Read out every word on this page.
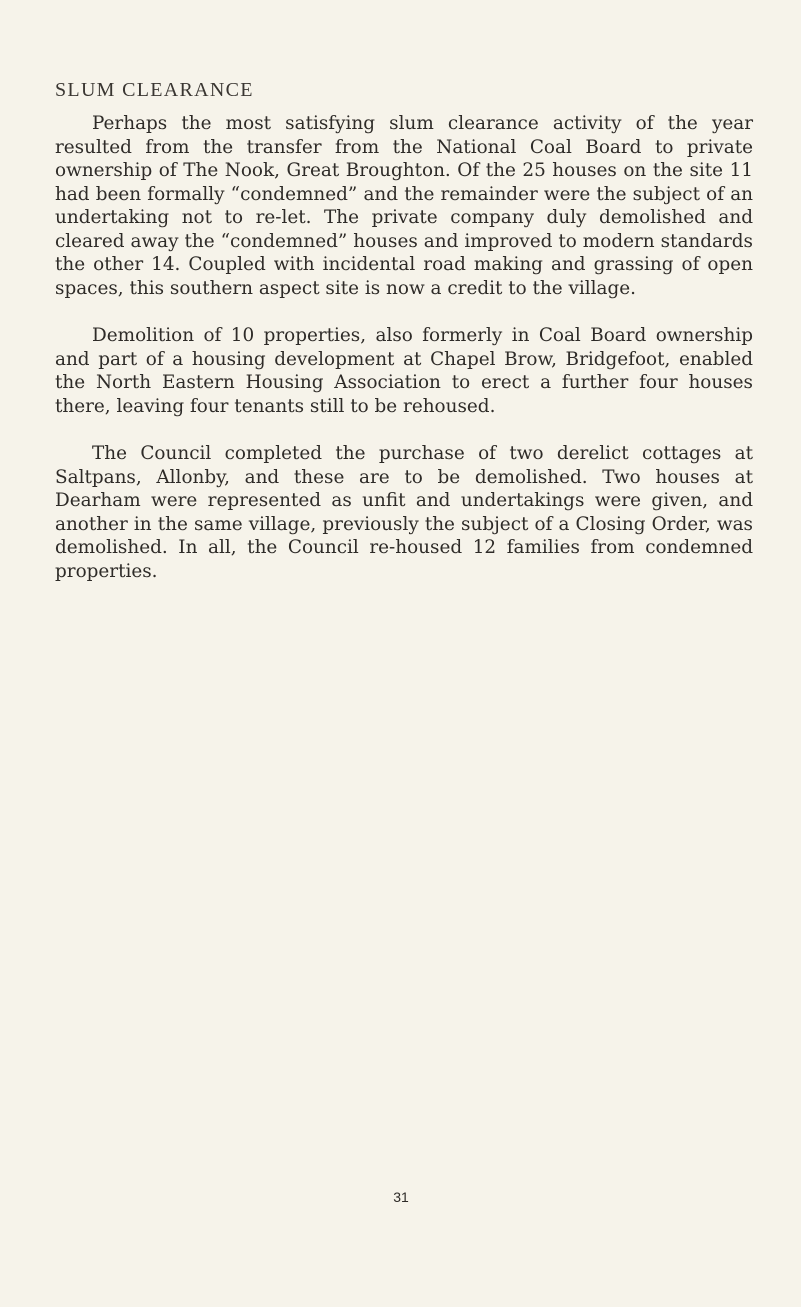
SLUM CLEARANCE

Perhaps the most satisfying slum clearance activity of the year resulted from the transfer from the National Coal Board to private ownership of The Nook, Great Broughton. Of the 25 houses on the site 11 had been formally “condemned” and the remainder were the subject of an undertaking not to re-let. The private company duly demolished and cleared away the “condemned” houses and improved to modern standards the other 14. Coupled with incidental road making and grassing of open spaces, this southern aspect site is now a credit to the village.

Demolition of 10 properties, also formerly in Coal Board ownership and part of a housing development at Chapel Brow, Bridgefoot, enabled the North Eastern Housing Association to erect a further four houses there, leaving four tenants still to be rehoused.

The Council completed the purchase of two derelict cottages at Saltpans, Allonby, and these are to be demolished. Two houses at Dearham were represented as unfit and undertakings were given, and another in the same village, previously the subject of a Closing Order, was demolished. In all, the Council re-housed 12 families from condemned properties.

31
